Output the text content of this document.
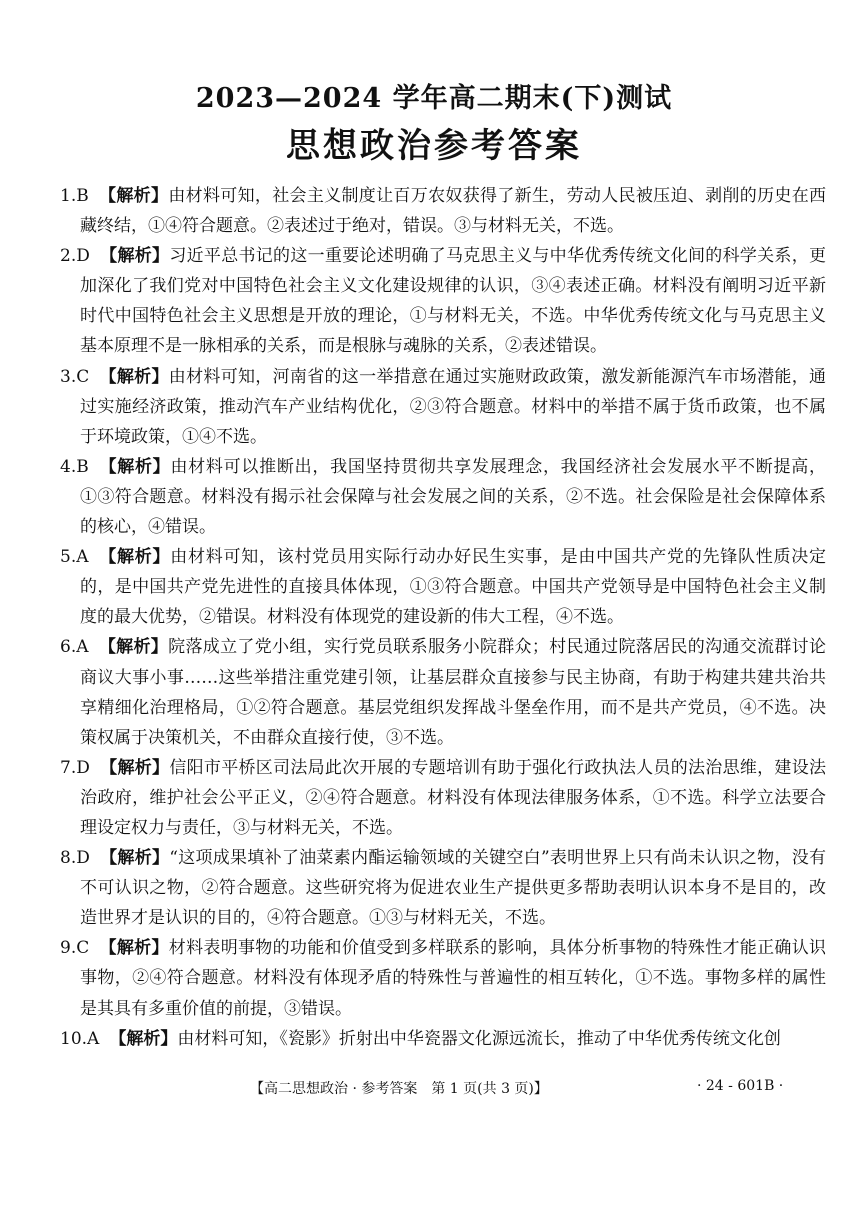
2023—2024 学年高二期末(下)测试
思想政治参考答案

1.B 【解析】由材料可知，社会主义制度让百万农奴获得了新生，劳动人民被压迫、剥削的历史在西藏终结，①④符合题意。②表述过于绝对，错误。③与材料无关，不选。

2.D 【解析】习近平总书记的这一重要论述明确了马克思主义与中华优秀传统文化间的科学关系，更加深化了我们党对中国特色社会主义文化建设规律的认识，③④表述正确。材料没有阐明习近平新时代中国特色社会主义思想是开放的理论，①与材料无关，不选。中华优秀传统文化与马克思主义基本原理不是一脉相承的关系，而是根脉与魂脉的关系，②表述错误。

3.C 【解析】由材料可知，河南省的这一举措意在通过实施财政政策，激发新能源汽车市场潜能，通过实施经济政策，推动汽车产业结构优化，②③符合题意。材料中的举措不属于货币政策，也不属于环境政策，①④不选。

4.B 【解析】由材料可以推断出，我国坚持贯彻共享发展理念，我国经济社会发展水平不断提高，①③符合题意。材料没有揭示社会保障与社会发展之间的关系，②不选。社会保险是社会保障体系的核心，④错误。

5.A 【解析】由材料可知，该村党员用实际行动办好民生实事，是由中国共产党的先锋队性质决定的，是中国共产党先进性的直接具体体现，①③符合题意。中国共产党领导是中国特色社会主义制度的最大优势，②错误。材料没有体现党的建设新的伟大工程，④不选。

6.A 【解析】院落成立了党小组，实行党员联系服务小院群众；村民通过院落居民的沟通交流群讨论商议大事小事……这些举措注重党建引领，让基层群众直接参与民主协商，有助于构建共建共治共享精细化治理格局，①②符合题意。基层党组织发挥战斗堡垒作用，而不是共产党员，④不选。决策权属于决策机关，不由群众直接行使，③不选。

7.D 【解析】信阳市平桥区司法局此次开展的专题培训有助于强化行政执法人员的法治思维，建设法治政府，维护社会公平正义，②④符合题意。材料没有体现法律服务体系，①不选。科学立法要合理设定权力与责任，③与材料无关，不选。

8.D 【解析】“这项成果填补了油菜素内酯运输领域的关键空白”表明世界上只有尚未认识之物，没有不可认识之物，②符合题意。这些研究将为促进农业生产提供更多帮助表明认识本身不是目的，改造世界才是认识的目的，④符合题意。①③与材料无关，不选。

9.C 【解析】材料表明事物的功能和价值受到多样联系的影响，具体分析事物的特殊性才能正确认识事物，②④符合题意。材料没有体现矛盾的特殊性与普遍性的相互转化，①不选。事物多样的属性是其具有多重价值的前提，③错误。

10.A 【解析】由材料可知，《瓷影》折射出中华瓷器文化源远流长，推动了中华优秀传统文化创

【高二思想政治 · 参考答案　第 1 页(共 3 页)】	· 24 - 601B ·
